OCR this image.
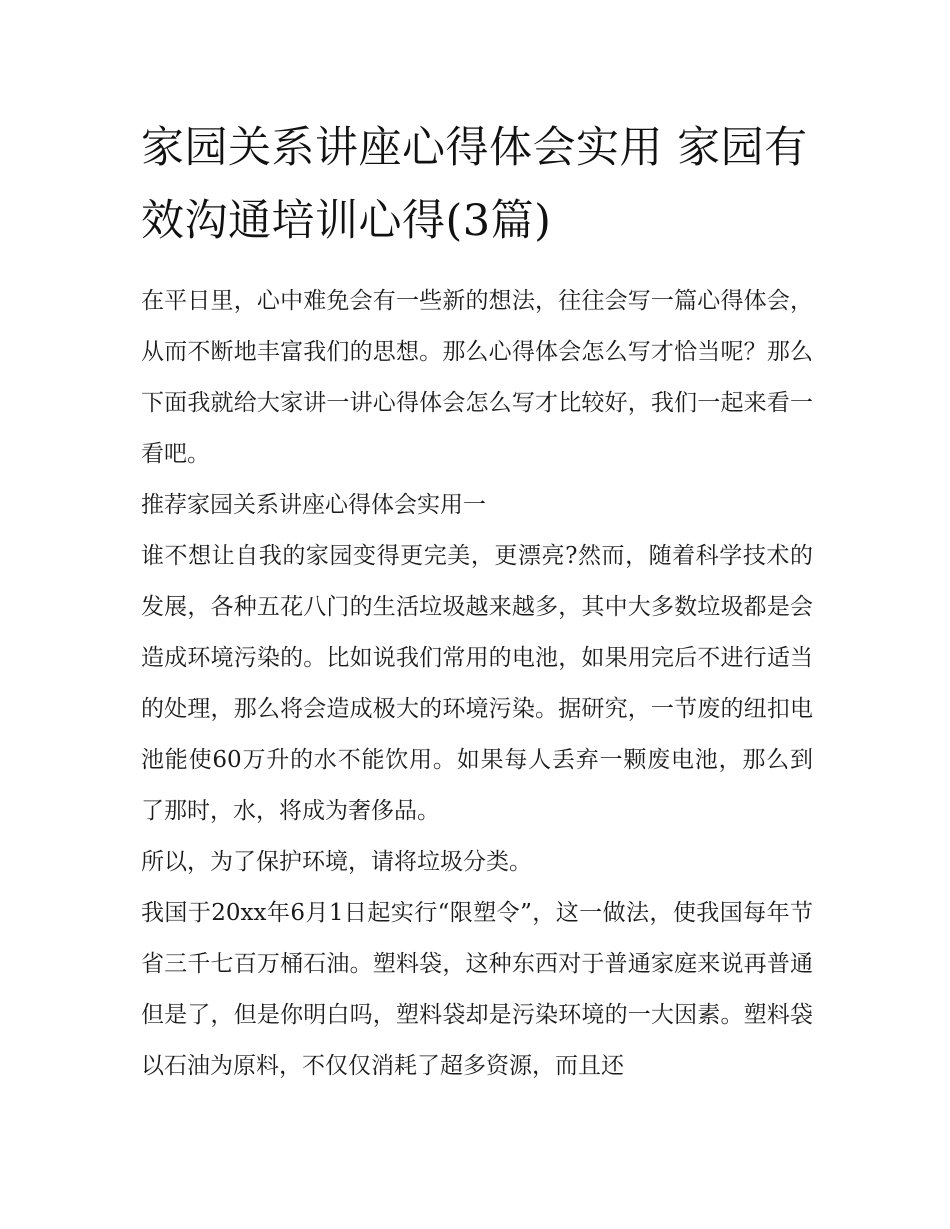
家园关系讲座心得体会实用 家园有效沟通培训心得(3篇)

在平日里，心中难免会有一些新的想法，往往会写一篇心得体会，从而不断地丰富我们的思想。那么心得体会怎么写才恰当呢？那么下面我就给大家讲一讲心得体会怎么写才比较好，我们一起来看一看吧。

推荐家园关系讲座心得体会实用一

谁不想让自我的家园变得更完美，更漂亮?然而，随着科学技术的发展，各种五花八门的生活垃圾越来越多，其中大多数垃圾都是会造成环境污染的。比如说我们常用的电池，如果用完后不进行适当的处理，那么将会造成极大的环境污染。据研究，一节废的纽扣电池能使60万升的水不能饮用。如果每人丢弃一颗废电池，那么到了那时，水，将成为奢侈品。

所以，为了保护环境，请将垃圾分类。

我国于20xx年6月1日起实行“限塑令”，这一做法，使我国每年节省三千七百万桶石油。塑料袋，这种东西对于普通家庭来说再普通但是了，但是你明白吗，塑料袋却是污染环境的一大因素。塑料袋以石油为原料，不仅仅消耗了超多资源，而且还
